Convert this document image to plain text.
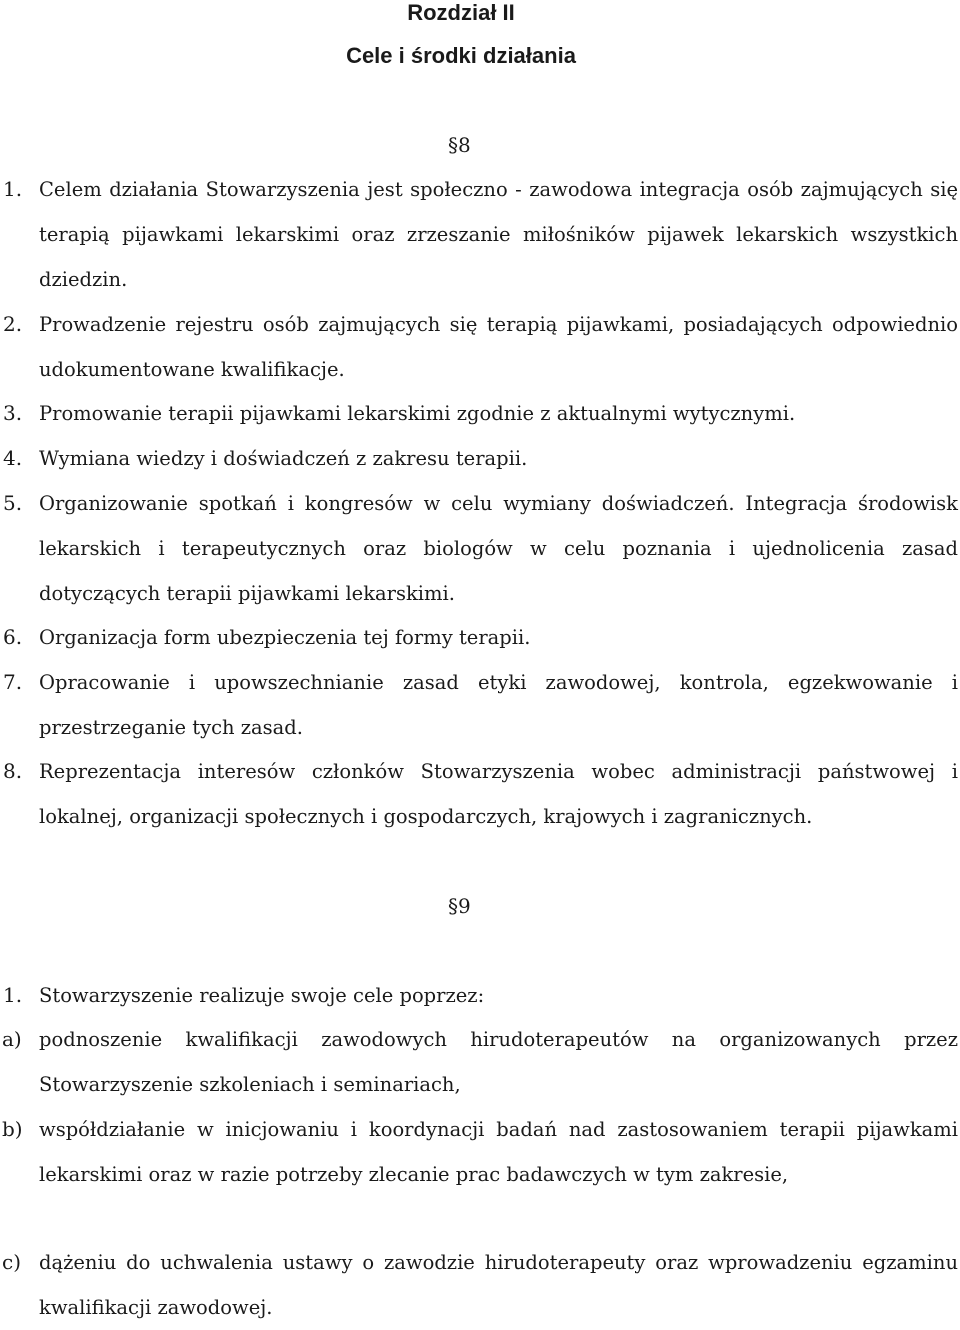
Rozdział II
Cele i środki działania
§8
1. Celem działania Stowarzyszenia jest społeczno - zawodowa integracja osób zajmujących się terapią pijawkami lekarskimi oraz zrzeszanie miłośników pijawek lekarskich wszystkich dziedzin.
2. Prowadzenie rejestru osób zajmujących się terapią pijawkami, posiadających odpowiednio udokumentowane kwalifikacje.
3. Promowanie terapii pijawkami lekarskimi zgodnie z aktualnymi wytycznymi.
4. Wymiana wiedzy i doświadczeń z zakresu terapii.
5. Organizowanie spotkań i kongresów w celu wymiany doświadczeń. Integracja środowisk lekarskich i terapeutycznych oraz biologów w celu poznania i ujednolicenia zasad dotyczących terapii pijawkami lekarskimi.
6. Organizacja form ubezpieczenia tej formy terapii.
7. Opracowanie i upowszechnianie zasad etyki zawodowej, kontrola, egzekwowanie i przestrzeganie tych zasad.
8. Reprezentacja interesów członków Stowarzyszenia wobec administracji państwowej i lokalnej, organizacji społecznych i gospodarczych, krajowych i zagranicznych.
§9
1. Stowarzyszenie realizuje swoje cele poprzez:
a) podnoszenie kwalifikacji zawodowych hirudoterapeutów na organizowanych przez Stowarzyszenie szkoleniach i seminariach,
b) współdziałanie w inicjowaniu i koordynacji badań nad zastosowaniem terapii pijawkami lekarskimi oraz w razie potrzeby zlecanie prac badawczych w tym zakresie,
c) dążeniu do uchwalenia ustawy o zawodzie hirudoterapeuty oraz wprowadzeniu egzaminu kwalifikacji zawodowej.
